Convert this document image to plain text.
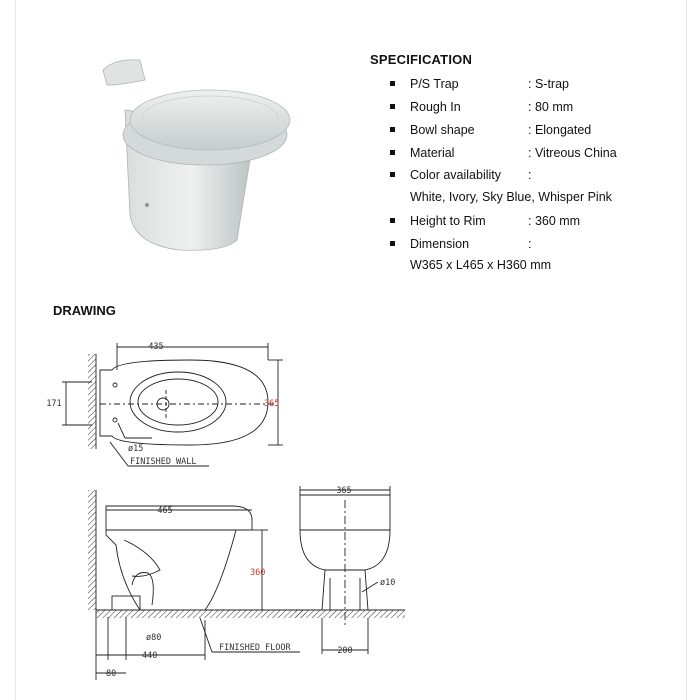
SPECIFICATION
P/S Trap	: S-trap
Rough In	: 80 mm
Bowl shape	: Elongated
Material	: Vitreous China
Color availability :
White, Ivory, Sky Blue, Whisper Pink
Height to Rim	: 360 mm
Dimension	:
W365 x L465 x H360 mm
DRAWING
435
365
171
ø15
FINISHED WALL
465
360
ø80
440
80
FINISHED FLOOR
365
ø10
200
